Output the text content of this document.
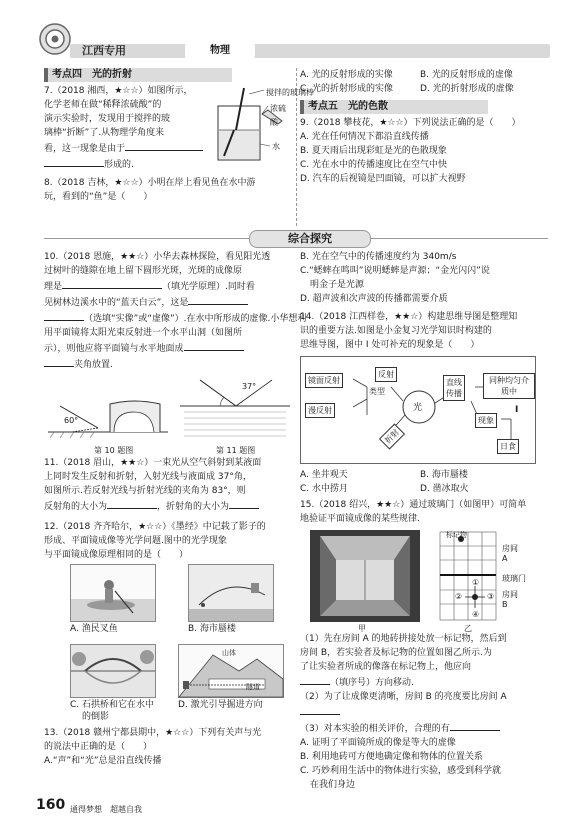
江西专用	物理
考点四　光的折射
7.（2018 湘西，★☆☆）如图所示，
化学老师在做“稀释浓硫酸”的
演示实验时，发现用于搅拌的玻
璃棒“折断”了.从物理学角度来
看，这一现象是由于
形成的.
搅拌的玻璃棒
浓硫酸
水
8.（2018 吉林，★☆☆）小明在岸上看见鱼在水中游
玩，看到的“鱼”是（　　）
A. 光的反射形成的实像	B. 光的反射形成的虚像
C. 光的折射形成的实像	D. 光的折射形成的虚像
考点五　光的色散
9.（2018 攀枝花，★☆☆）下列说法正确的是（　　）
A. 光在任何情况下都沿直线传播
B. 夏天雨后出现彩虹是光的色散现象
C. 光在水中的传播速度比在空气中快
D. 汽车的后视镜是凹面镜，可以扩大视野
综合探究
10.（2018 恩施，★★☆）小华去森林探险，看见阳光透
过树叶的缝隙在地上留下圆形光斑，光斑的成像原
理是	（填光学原理）.同时看
见树林边溪水中的“蓝天白云”，这是
（选填“实像”或“虚像”）.在水中所形成的虚像.小华想利
用平面镜将太阳光束反射进一个水平山洞（如图所
示），则他应将平面镜与水平地面成
夹角放置.
60°
37°
第 10 题图	第 11 题图
11.（2018 眉山，★★☆）一束光从空气斜射到某液面
上同时发生反射和折射，入射光线与液面成 37°角，
如图所示.若反射光线与折射光线的夹角为 83°，则
反射角的大小为	，折射角的大小为
12.（2018 齐齐哈尔，★☆☆）《墨经》中记载了影子的
形成、平面镜成像等光学问题.图中的光学现象
与平面镜成像原理相同的是（　　）
A. 渔民叉鱼	B. 海市蜃楼
C. 石拱桥和它在水中
的倒影
山体
隧道
D. 激光引导掘进方向
13.（2018 赣州宁都县期中，★☆☆）下列有关声与光
的说法中正确的是（　　）
A.“声”和“光”总是沿直线传播
B. 光在空气中的传播速度约为 340m/s
C.“蟋蟀在鸣叫”说明蟋蟀是声源；“金光闪闪”说
明金子是光源
D. 超声波和次声波的传播都需要介质
14.（2018 江西样卷，★★☆）构建思维导图是整理知
识的重要方法.如图是小金复习光学知识时构建的
思维导图，图中 I 处可补充的现象是（　　）
镜面反射
漫反射
类型
反射
光
折射
直线
传播
同种均匀介质中
现象
I
日食
A. 坐井观天	B. 海市蜃楼
C. 水中捞月	D. 凿冰取火
15.（2018 绍兴，★★☆）通过玻璃门（如图甲）可简单
地验证平面镜成像的某些规律.
甲
标记物
房间A
玻璃门
房间B
①
②	③
④
乙
（1）先在房间 A 的地砖拼接处放一标记物，然后到
房间 B，若实验者及标记物的位置如图乙所示.为
了让实验者所成的像落在标记物上，他应向
（填序号）方向移动.
（2）为了让成像更清晰，房间 B 的亮度要比房间 A
（3）对本实验的相关评价，合理的有
A. 证明了平面镜所成的像是等大的虚像
B. 利用地砖可方便地确定像和物体的位置关系
C. 巧妙利用生活中的物体进行实验，感受到科学就
在我们身边
160 通得梦想　超越自我
